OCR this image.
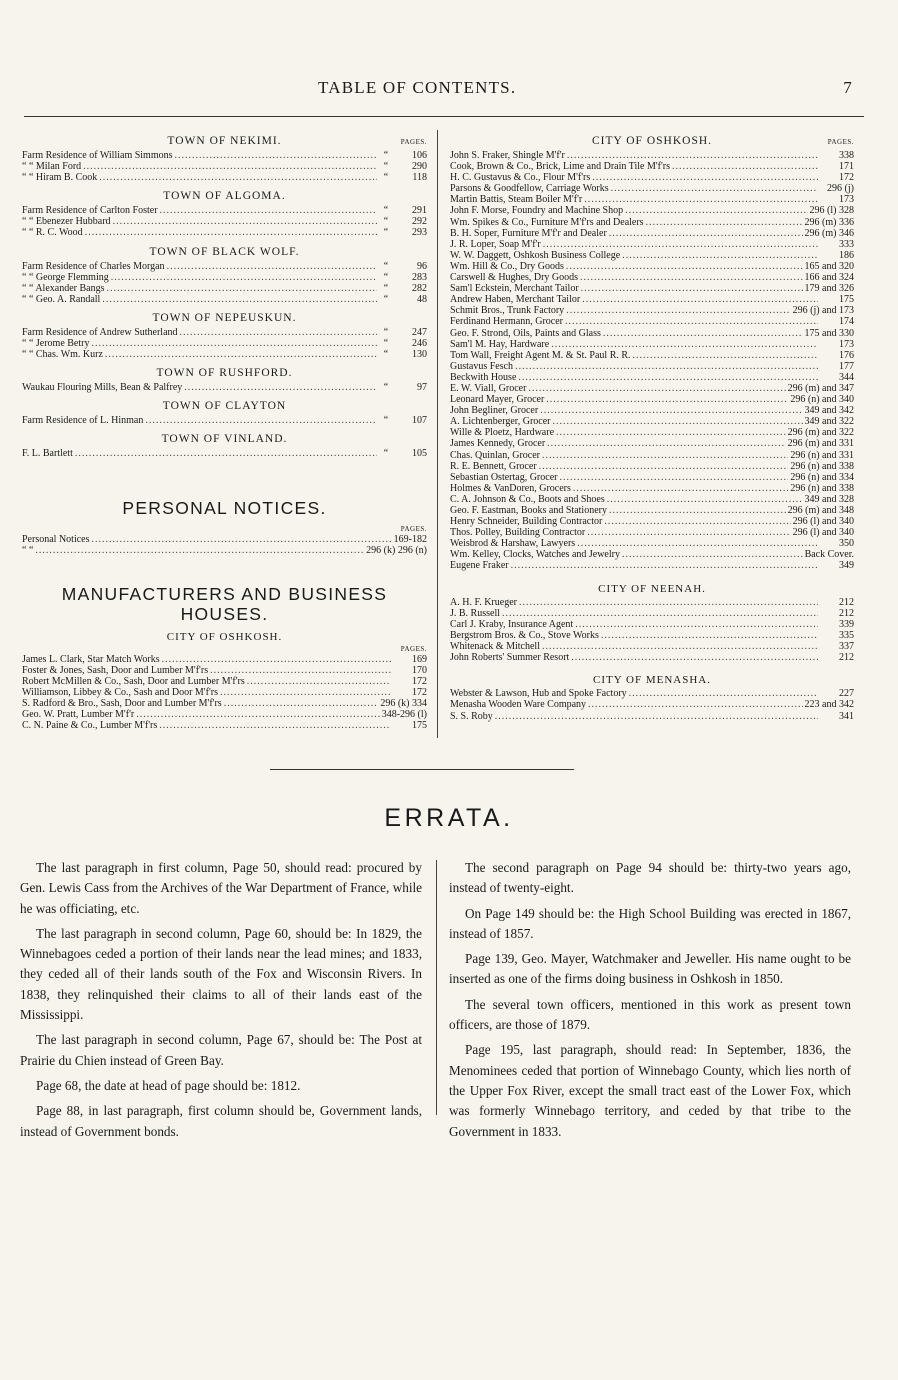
TABLE OF CONTENTS.	7
TOWN OF NEKIMI.	PAGES.
Farm Residence of William Simmons .....	“	106
“ “ Milan Ford .....	“	290
“ “ Hiram B. Cook .....	“	118
TOWN OF ALGOMA.
Farm Residence of Carlton Foster .....	“	291
“ “ Ebenezer Hubbard .....	“	292
“ “ R. C. Wood .....	“	293
TOWN OF BLACK WOLF.
Farm Residence of Charles Morgan .....	“	96
“ “ George Flemming .....	“	283
“ “ Alexander Bangs .....	“	282
“ “ Geo. A. Randall .....	“	48
TOWN OF NEPEUSKUN.
Farm Residence of Andrew Sutherland .....	“	247
“ “ Jerome Betry .....	“	246
“ “ Chas. Wm. Kurz .....	“	130
TOWN OF RUSHFORD.
Waukau Flouring Mills, Bean & Palfrey .....	“	97
TOWN OF CLAYTON
Farm Residence of L. Hinman .....	“	107
TOWN OF VINLAND.
F. L. Bartlett .....	“	105
PERSONAL NOTICES.
PAGES.
Personal Notices .....	169-182
“ “ .....	296 (k) 296 (n)
MANUFACTURERS AND BUSINESS
HOUSES.
CITY OF OSHKOSH.
PAGES.
James L. Clark, Star Match Works .....	169
Foster & Jones, Sash, Door and Lumber M'f'rs .....	170
Robert McMillen & Co., Sash, Door and Lumber M'f'rs .....	172
Williamson, Libbey & Co., Sash and Door M'f'rs .....	172
S. Radford & Bro., Sash, Door and Lumber M'f'rs .....	296 (k) 334
Geo. W. Pratt, Lumber M'f'r .....	348-296 (l)
C. N. Paine & Co., Lumber M'f'rs .....	175
CITY OF OSHKOSH.	PAGES.
John S. Fraker, Shingle M'f'r .....	338
Cook, Brown & Co., Brick, Lime and Drain Tile M'f'rs .....	171
H. C. Gustavus & Co., Flour M'f'rs .....	172
Parsons & Goodfellow, Carriage Works .....	296 (j)
Martin Battis, Steam Boiler M'f'r .....	173
John F. Morse, Foundry and Machine Shop .....	296 (l) 328
Wm. Spikes & Co., Furniture M'f'rs and Dealers .....	296 (m) 336
B. H. Soper, Furniture M'f'r and Dealer .....	296 (m) 346
J. R. Loper, Soap M'f'r .....	333
W. W. Daggett, Oshkosh Business College .....	186
Wm. Hill & Co., Dry Goods .....	165 and 320
Carswell & Hughes, Dry Goods .....	166 and 324
Sam'l Eckstein, Merchant Tailor .....	179 and 326
Andrew Haben, Merchant Tailor .....	175
Schmit Bros., Trunk Factory .....	296 (j) and 173
Ferdinand Hermann, Grocer .....	174
Geo. F. Strond, Oils, Paints and Glass .....	175 and 330
Sam'l M. Hay, Hardware .....	173
Tom Wall, Freight Agent M. & St. Paul R. R. .....	176
Gustavus Fesch .....	177
Beckwith House .....	344
E. W. Viall, Grocer .....	296 (m) and 347
Leonard Mayer, Grocer .....	296 (n) and 340
John Begliner, Grocer .....	349 and 342
A. Lichtenberger, Grocer .....	349 and 322
Wille & Ploetz, Hardware .....	296 (m) and 322
James Kennedy, Grocer .....	296 (m) and 331
Chas. Quinlan, Grocer .....	296 (n) and 331
R. E. Bennett, Grocer .....	296 (n) and 338
Sebastian Ostertag, Grocer .....	296 (n) and 334
Holmes & VanDoren, Grocers .....	296 (n) and 338
C. A. Johnson & Co., Boots and Shoes .....	349 and 328
Geo. F. Eastman, Books and Stationery .....	296 (m) and 348
Henry Schneider, Building Contractor .....	296 (l) and 340
Thos. Polley, Building Contractor .....	296 (l) and 340
Weisbrod & Harshaw, Lawyers .....	350
Wm. Kelley, Clocks, Watches and Jewelry .....	Back Cover.
Eugene Fraker .....	349
CITY OF NEENAH.
A. H. F. Krueger .....	212
J. B. Russell .....	212
Carl J. Kraby, Insurance Agent .....	339
Bergstrom Bros. & Co., Stove Works .....	335
Whitenack & Mitchell .....	337
John Roberts' Summer Resort .....	212
CITY OF MENASHA.
Webster & Lawson, Hub and Spoke Factory .....	227
Menasha Wooden Ware Company .....	223 and 342
S. S. Roby .....	341
ERRATA.

The last paragraph in first column, Page 50, should read: procured by Gen. Lewis Cass from the Archives of the War Department of France, while he was officiating, etc.

The last paragraph in second column, Page 60, should be: In 1829, the Winnebagoes ceded a portion of their lands near the lead mines; and 1833, they ceded all of their lands south of the Fox and Wisconsin Rivers. In 1838, they relinquished their claims to all of their lands east of the Mississippi.

The last paragraph in second column, Page 67, should be: The Post at Prairie du Chien instead of Green Bay.

Page 68, the date at head of page should be: 1812.

Page 88, in last paragraph, first column should be, Government lands, instead of Government bonds.

The second paragraph on Page 94 should be: thirty-two years ago, instead of twenty-eight.

On Page 149 should be: the High School Building was erected in 1867, instead of 1857.

Page 139, Geo. Mayer, Watchmaker and Jeweller. His name ought to be inserted as one of the firms doing business in Oshkosh in 1850.

The several town officers, mentioned in this work as present town officers, are those of 1879.

Page 195, last paragraph, should read: In September, 1836, the Menominees ceded that portion of Winnebago County, which lies north of the Upper Fox River, except the small tract east of the Lower Fox, which was formerly Winnebago territory, and ceded by that tribe to the Government in 1833.
